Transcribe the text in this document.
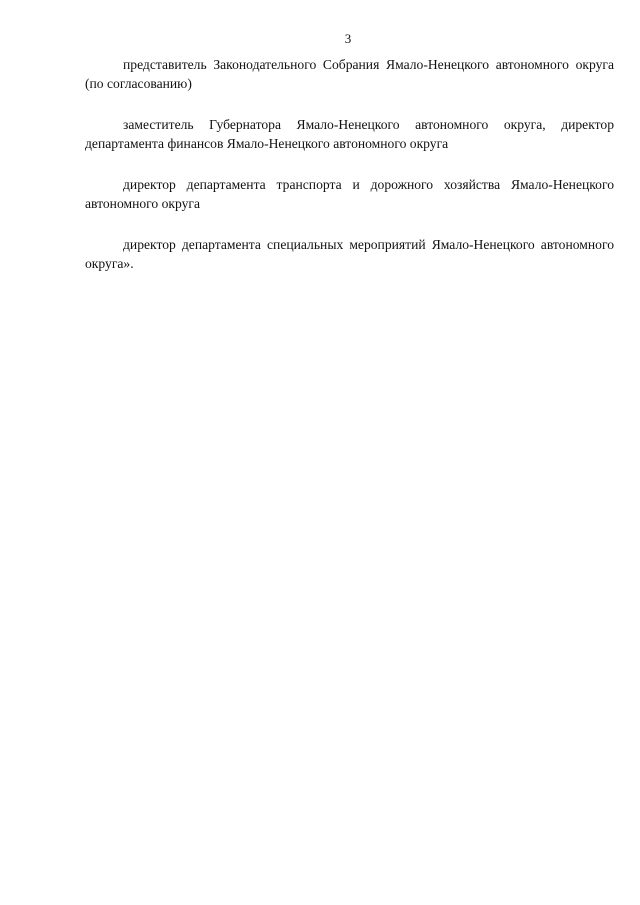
3

представитель Законодательного Собрания Ямало-Ненецкого автономного округа (по согласованию)

заместитель Губернатора Ямало-Ненецкого автономного округа, директор департамента финансов Ямало-Ненецкого автономного округа

директор департамента транспорта и дорожного хозяйства Ямало-Ненецкого автономного округа

директор департамента специальных мероприятий Ямало-Ненецкого автономного округа».
